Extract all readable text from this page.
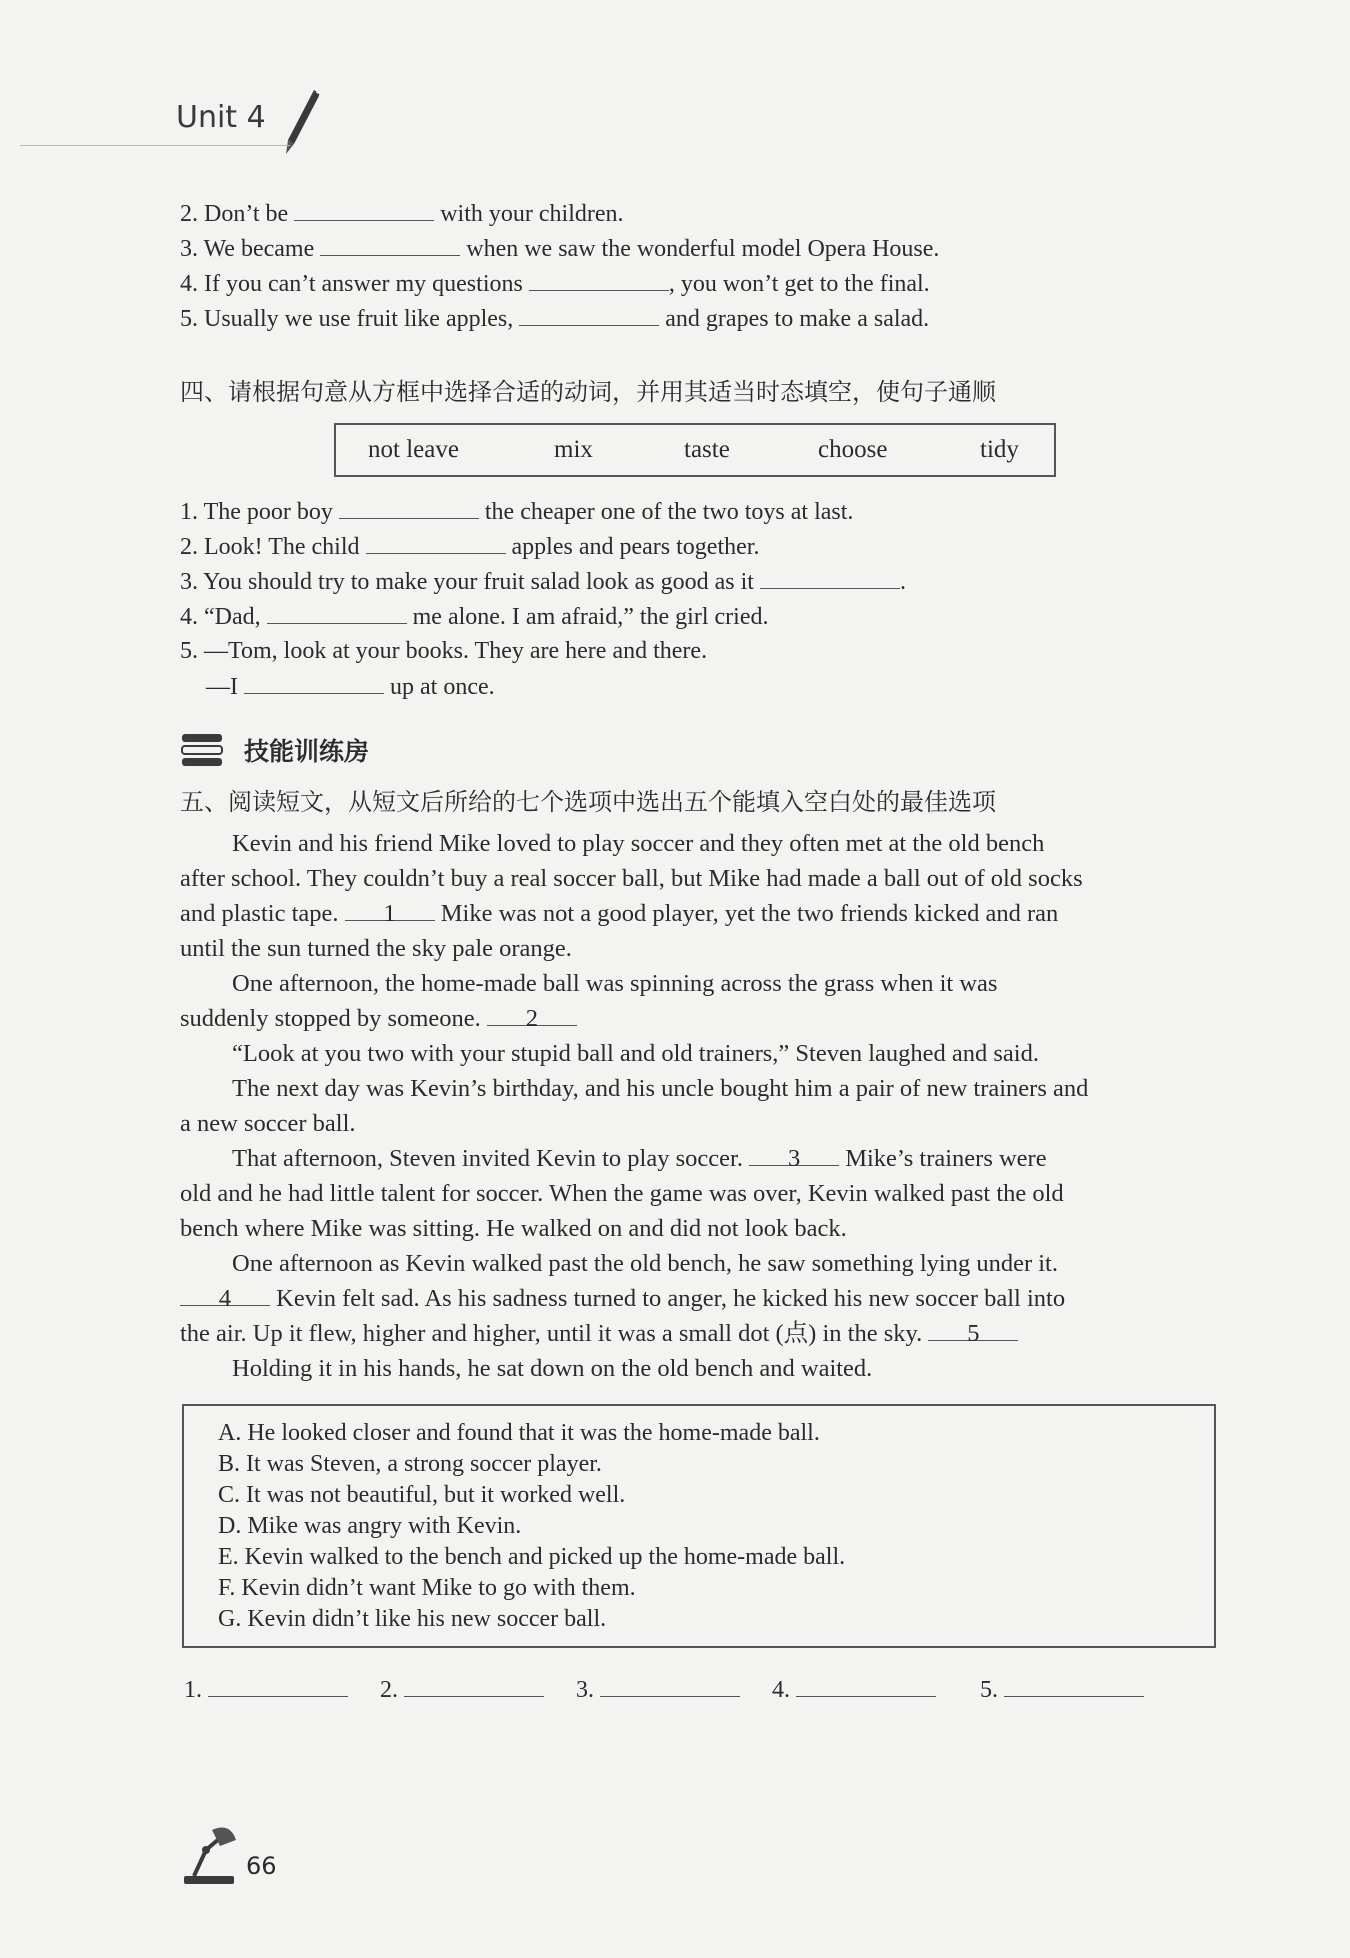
Unit 4
2. Don’t be	with your children.
3. We became	when we saw the wonderful model Opera House.
4. If you can’t answer my questions	, you won’t get to the final.
5. Usually we use fruit like apples,	and grapes to make a salad.
四、请根据句意从方框中选择合适的动词，并用其适当时态填空，使句子通顺
not leave	mix	taste	choose	tidy
1. The poor boy	the cheaper one of the two toys at last.
2. Look! The child	apples and pears together.
3. You should try to make your fruit salad look as good as it	.
4. “Dad,	me alone. I am afraid,” the girl cried.
5. —Tom, look at your books. They are here and there.
—I	up at once.
技能训练房
五、阅读短文，从短文后所给的七个选项中选出五个能填入空白处的最佳选项
Kevin and his friend Mike loved to play soccer and they often met at the old bench
after school. They couldn’t buy a real soccer ball, but Mike had made a ball out of old socks
and plastic tape. 1 Mike was not a good player, yet the two friends kicked and ran
until the sun turned the sky pale orange.
One afternoon, the home-made ball was spinning across the grass when it was
suddenly stopped by someone. 2
“Look at you two with your stupid ball and old trainers,” Steven laughed and said.
The next day was Kevin’s birthday, and his uncle bought him a pair of new trainers and
a new soccer ball.
That afternoon, Steven invited Kevin to play soccer. 3 Mike’s trainers were
old and he had little talent for soccer. When the game was over, Kevin walked past the old
bench where Mike was sitting. He walked on and did not look back.
One afternoon as Kevin walked past the old bench, he saw something lying under it.
4 Kevin felt sad. As his sadness turned to anger, he kicked his new soccer ball into
the air. Up it flew, higher and higher, until it was a small dot (点) in the sky. 5
Holding it in his hands, he sat down on the old bench and waited.
A. He looked closer and found that it was the home-made ball.
B. It was Steven, a strong soccer player.
C. It was not beautiful, but it worked well.
D. Mike was angry with Kevin.
E. Kevin walked to the bench and picked up the home-made ball.
F. Kevin didn’t want Mike to go with them.
G. Kevin didn’t like his new soccer ball.
1.	2.	3.	4.	5.
66
